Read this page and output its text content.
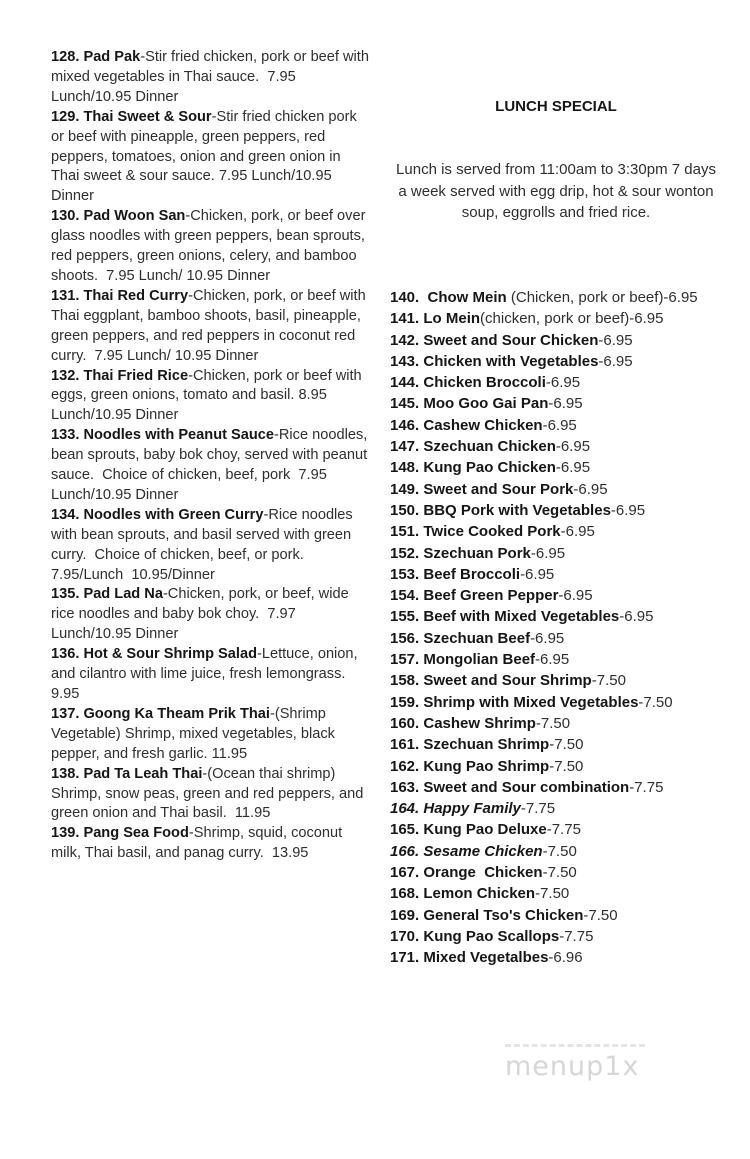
128. Pad Pak-Stir fried chicken, pork or beef with mixed vegetables in Thai sauce.  7.95 Lunch/10.95 Dinner

129. Thai Sweet & Sour-Stir fried chicken pork or beef with pineapple, green peppers, red peppers, tomatoes, onion and green onion in Thai sweet & sour sauce. 7.95 Lunch/10.95 Dinner

130. Pad Woon San-Chicken, pork, or beef over glass noodles with green peppers, bean sprouts, red peppers, green onions, celery, and bamboo shoots.  7.95 Lunch/ 10.95 Dinner

131. Thai Red Curry-Chicken, pork, or beef with Thai eggplant, bamboo shoots, basil, pineapple, green peppers, and red peppers in coconut red curry.  7.95 Lunch/ 10.95 Dinner

132. Thai Fried Rice-Chicken, pork or beef with eggs, green onions, tomato and basil. 8.95 Lunch/10.95 Dinner

133. Noodles with Peanut Sauce-Rice noodles, bean sprouts, baby bok choy, served with peanut sauce.  Choice of chicken, beef, pork  7.95 Lunch/10.95 Dinner

134. Noodles with Green Curry-Rice noodles with bean sprouts, and basil served with green curry.  Choice of chicken, beef, or pork. 7.95/Lunch  10.95/Dinner

135. Pad Lad Na-Chicken, pork, or beef, wide rice noodles and baby bok choy.  7.97 Lunch/10.95 Dinner

136. Hot & Sour Shrimp Salad-Lettuce, onion, and cilantro with lime juice, fresh lemongrass.   9.95

137. Goong Ka Theam Prik Thai-(Shrimp Vegetable) Shrimp, mixed vegetables, black pepper, and fresh garlic. 11.95

138. Pad Ta Leah Thai-(Ocean thai shrimp) Shrimp, snow peas, green and red peppers, and green onion and Thai basil.  11.95

139. Pang Sea Food-Shrimp, squid, coconut milk, Thai basil, and panag curry.  13.95

LUNCH SPECIAL

Lunch is served from 11:00am to 3:30pm 7 days a week served with egg drip, hot & sour wonton soup, eggrolls and fried rice.

140.  Chow Mein (Chicken, pork or beef)-6.95

141. Lo Mein(chicken, pork or beef)-6.95

142. Sweet and Sour Chicken-6.95

143. Chicken with Vegetables-6.95

144. Chicken Broccoli-6.95

145. Moo Goo Gai Pan-6.95

146. Cashew Chicken-6.95

147. Szechuan Chicken-6.95

148. Kung Pao Chicken-6.95

149. Sweet and Sour Pork-6.95

150. BBQ Pork with Vegetables-6.95

151. Twice Cooked Pork-6.95

152. Szechuan Pork-6.95

153. Beef Broccoli-6.95

154. Beef Green Pepper-6.95

155. Beef with Mixed Vegetables-6.95

156. Szechuan Beef-6.95

157. Mongolian Beef-6.95

158. Sweet and Sour Shrimp-7.50

159. Shrimp with Mixed Vegetables-7.50

160. Cashew Shrimp-7.50

161. Szechuan Shrimp-7.50

162. Kung Pao Shrimp-7.50

163. Sweet and Sour combination-7.75

164. Happy Family-7.75

165. Kung Pao Deluxe-7.75

166. Sesame Chicken-7.50

167. Orange  Chicken-7.50

168. Lemon Chicken-7.50

169. General Tso's Chicken-7.50

170. Kung Pao Scallops-7.75

171. Mixed Vegetalbes-6.96

menup1x
